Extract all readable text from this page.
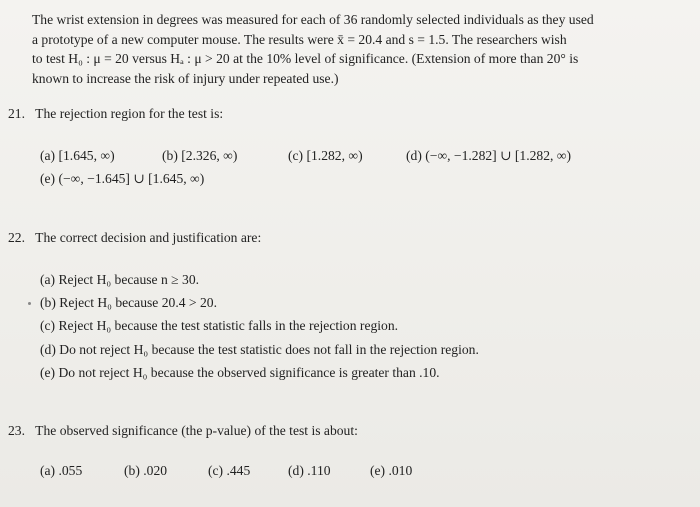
The wrist extension in degrees was measured for each of 36 randomly selected individuals as they used
a prototype of a new computer mouse. The results were x̄ = 20.4 and s = 1.5. The researchers wish
to test H₀ : μ = 20 versus Hₐ : μ > 20 at the 10% level of significance. (Extension of more than 20° is
known to increase the risk of injury under repeated use.)
21. The rejection region for the test is:
(a) [1.645, ∞)	(b) [2.326, ∞)	(c) [1.282, ∞)	(d) (−∞, −1.282] ∪ [1.282, ∞)
(e) (−∞, −1.645] ∪ [1.645, ∞)
22. The correct decision and justification are:
(a) Reject H₀ because n ≥ 30.
(b) Reject H₀ because 20.4 > 20.
(c) Reject H₀ because the test statistic falls in the rejection region.
(d) Do not reject H₀ because the test statistic does not fall in the rejection region.
(e) Do not reject H₀ because the observed significance is greater than .10.
23. The observed significance (the p-value) of the test is about:
(a) .055	(b) .020	(c) .445	(d) .110	(e) .010
